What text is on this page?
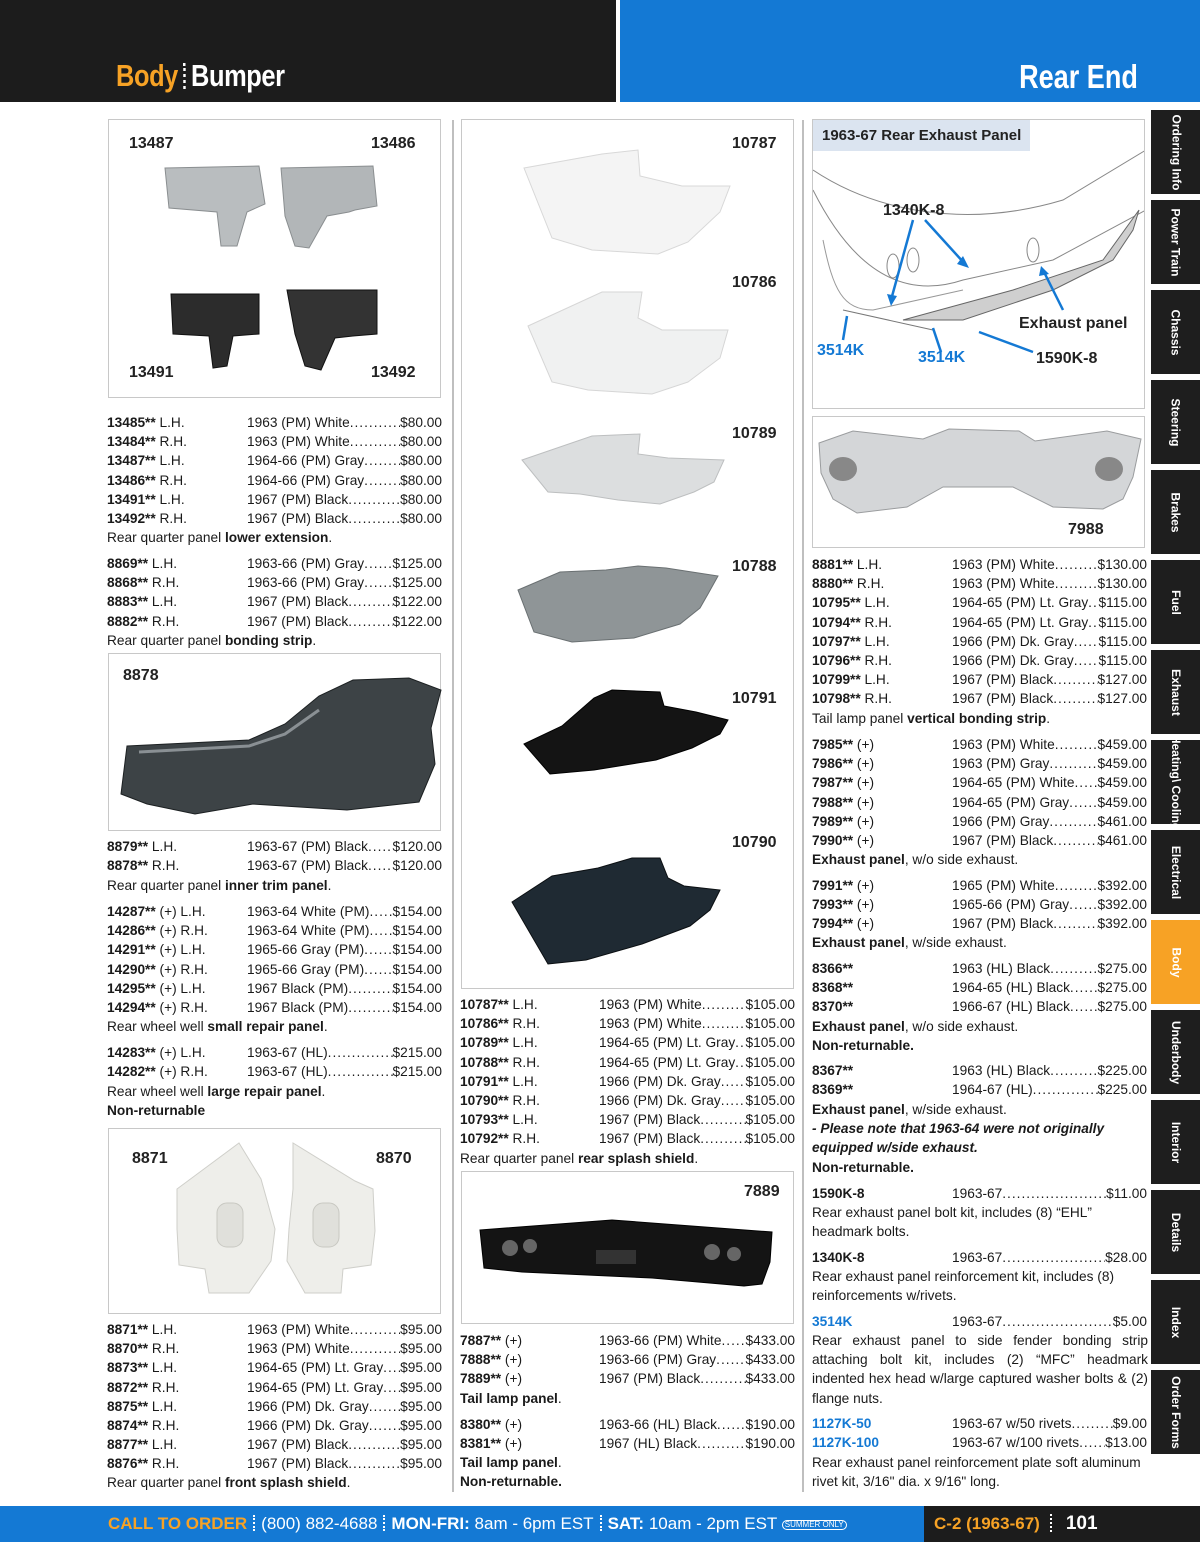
Body Bumper	Rear End
Ordering Info
Power Train
Chassis
Steering
Brakes
Fuel
Exhaust
Heating\ Cooling
Electrical
Body
Underbody
Interior
Details
Index
Order Forms
13487	13486
13491	13492
13485** L.H.	1963 (PM) White .....	$80.00
13484** R.H.	1963 (PM) White .....	$80.00
13487** L.H.	1964-66 (PM) Gray .....	$80.00
13486** R.H.	1964-66 (PM) Gray .....	$80.00
13491** L.H.	1967 (PM) Black .....	$80.00
13492** R.H.	1967 (PM) Black .....	$80.00
Rear quarter panel lower extension.
8869** L.H.	1963-66 (PM) Gray ..... $125.00
8868** R.H.	1963-66 (PM) Gray ..... $125.00
8883** L.H.	1967 (PM) Black .....	$122.00
8882** R.H.	1967 (PM) Black .....	$122.00
Rear quarter panel bonding strip.
8878
8879** L.H.	1963-67 (PM) Black ..... $120.00
8878** R.H.	1963-67 (PM) Black ..... $120.00
Rear quarter panel inner trim panel.
14287** (+) L.H.	1963-64 White (PM) ..... $154.00
14286** (+) R.H.	1963-64 White (PM) ..... $154.00
14291** (+) L.H.	1965-66 Gray (PM) ..... $154.00
14290** (+) R.H.	1965-66 Gray (PM) ..... $154.00
14295** (+) L.H.	1967 Black (PM) .....	$154.00
14294** (+) R.H.	1967 Black (PM) .....	$154.00
Rear wheel well small repair panel.
14283** (+) L.H.	1963-67 (HL) .....	$215.00
14282** (+) R.H.	1963-67 (HL) .....	$215.00
Rear wheel well large repair panel.
Non-returnable
8871	8870
8871** L.H.	1963 (PM) White .....	$95.00
8870** R.H.	1963 (PM) White .....	$95.00
8873** L.H.	1964-65 (PM) Lt. Gray ..... $95.00
8872** R.H.	1964-65 (PM) Lt. Gray ..... $95.00
8875** L.H.	1966 (PM) Dk. Gray ..... $95.00
8874** R.H.	1966 (PM) Dk. Gray ..... $95.00
8877** L.H.	1967 (PM) Black .....	$95.00
8876** R.H.	1967 (PM) Black .....	$95.00
Rear quarter panel front splash shield.
10787
10786
10789
10788
10791
10790
10787** L.H.	1963 (PM) White .....	$105.00
10786** R.H.	1963 (PM) White .....	$105.00
10789** L.H.	1964-65 (PM) Lt. Gray ..... $105.00
10788** R.H.	1964-65 (PM) Lt. Gray ..... $105.00
10791** L.H.	1966 (PM) Dk. Gray ..... $105.00
10790** R.H.	1966 (PM) Dk. Gray ..... $105.00
10793** L.H.	1967 (PM) Black .....	$105.00
10792** R.H.	1967 (PM) Black .....	$105.00
Rear quarter panel rear splash shield.
7889
7887** (+)	1963-66 (PM) White ..... $433.00
7888** (+)	1963-66 (PM) Gray ..... $433.00
7889** (+)	1967 (PM) Black .....	$433.00
Tail lamp panel.
8380** (+)	1963-66 (HL) Black ..... $190.00
8381** (+)	1967 (HL) Black .....	$190.00
Tail lamp panel.
Non-returnable.
1963-67 Rear Exhaust Panel
1340K-8
Exhaust panel
3514K	3514K	1590K-8
7988
8881** L.H.	1963 (PM) White .....	$130.00
8880** R.H.	1963 (PM) White .....	$130.00
10795** L.H.	1964-65 (PM) Lt. Gray ..... $115.00
10794** R.H.	1964-65 (PM) Lt. Gray ..... $115.00
10797** L.H.	1966 (PM) Dk. Gray ..... $115.00
10796** R.H.	1966 (PM) Dk. Gray ..... $115.00
10799** L.H.	1967 (PM) Black .....	$127.00
10798** R.H.	1967 (PM) Black .....	$127.00
Tail lamp panel vertical bonding strip.
7985** (+)	1963 (PM) White .....	$459.00
7986** (+)	1963 (PM) Gray .....	$459.00
7987** (+)	1964-65 (PM) White ..... $459.00
7988** (+)	1964-65 (PM) Gray ..... $459.00
7989** (+)	1966 (PM) Gray .....	$461.00
7990** (+)	1967 (PM) Black .....	$461.00
Exhaust panel, w/o side exhaust.
7991** (+)	1965 (PM) White .....	$392.00
7993** (+)	1965-66 (PM) Gray ..... $392.00
7994** (+)	1967 (PM) Black .....	$392.00
Exhaust panel, w/side exhaust.
8366**	1963 (HL) Black .....	$275.00
8368**	1964-65 (HL) Black ..... $275.00
8370**	1966-67 (HL) Black ..... $275.00
Exhaust panel, w/o side exhaust.
Non-returnable.
8367**	1963 (HL) Black .....	$225.00
8369**	1964-67 (HL) .....	$225.00
Exhaust panel, w/side exhaust.
- Please note that 1963-64 were not originally equipped w/side exhaust.
Non-returnable.
1590K-8	1963-67 .....	$11.00
Rear exhaust panel bolt kit, includes (8) “EHL” headmark bolts.
1340K-8	1963-67 .....	$28.00
Rear exhaust panel reinforcement kit, includes (8) reinforcements w/rivets.
3514K	1963-67 .....	$5.00
Rear exhaust panel to side fender bonding strip attaching bolt kit, includes (2) “MFC” headmark indented hex head w/large captured washer bolts & (2) flange nuts.
1127K-50	1963-67 w/50 rivets .....	$9.00
1127K-100	1963-67 w/100 rivets ..... $13.00
Rear exhaust panel reinforcement plate soft aluminum rivet kit, 3/16" dia. x 9/16" long.
CALL TO ORDER (800) 882-4688 MON-FRI: 8am - 6pm EST SAT: 10am - 2pm EST SUMMER ONLY	C-2 (1963-67) 101
